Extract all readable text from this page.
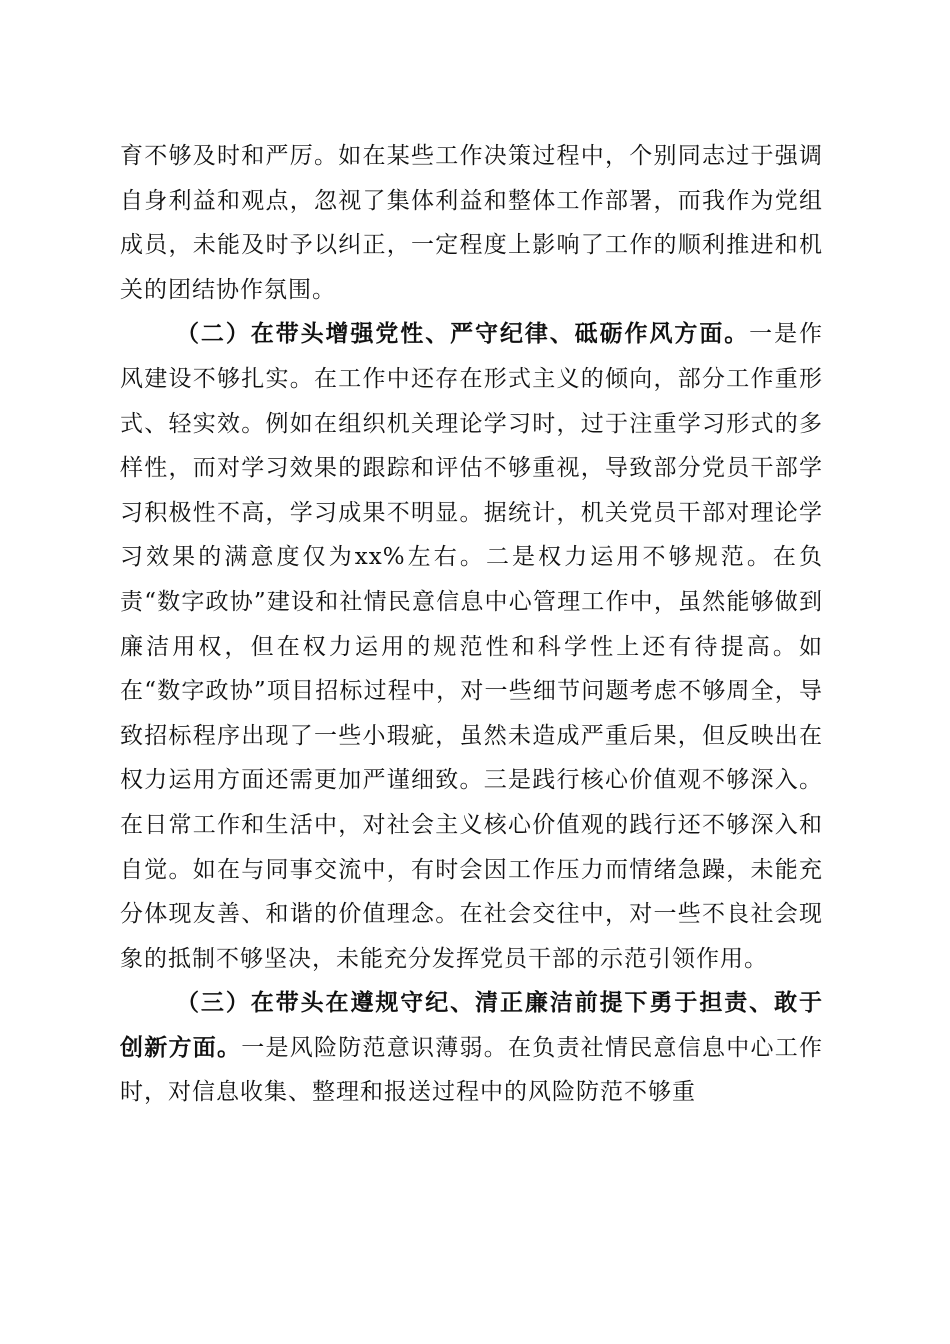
育不够及时和严厉。如在某些工作决策过程中，个别同志过于强调自身利益和观点，忽视了集体利益和整体工作部署，而我作为党组成员，未能及时予以纠正，一定程度上影响了工作的顺利推进和机关的团结协作氛围。

（二）在带头增强党性、严守纪律、砥砺作风方面。一是作风建设不够扎实。在工作中还存在形式主义的倾向，部分工作重形式、轻实效。例如在组织机关理论学习时，过于注重学习形式的多样性，而对学习效果的跟踪和评估不够重视，导致部分党员干部学习积极性不高，学习成果不明显。据统计，机关党员干部对理论学习效果的满意度仅为xx%左右。二是权力运用不够规范。在负责“数字政协”建设和社情民意信息中心管理工作中，虽然能够做到廉洁用权，但在权力运用的规范性和科学性上还有待提高。如在“数字政协”项目招标过程中，对一些细节问题考虑不够周全，导致招标程序出现了一些小瑕疵，虽然未造成严重后果，但反映出在权力运用方面还需更加严谨细致。三是践行核心价值观不够深入。在日常工作和生活中，对社会主义核心价值观的践行还不够深入和自觉。如在与同事交流中，有时会因工作压力而情绪急躁，未能充分体现友善、和谐的价值理念。在社会交往中，对一些不良社会现象的抵制不够坚决，未能充分发挥党员干部的示范引领作用。

（三）在带头在遵规守纪、清正廉洁前提下勇于担责、敢于创新方面。一是风险防范意识薄弱。在负责社情民意信息中心工作时，对信息收集、整理和报送过程中的风险防范不够重
